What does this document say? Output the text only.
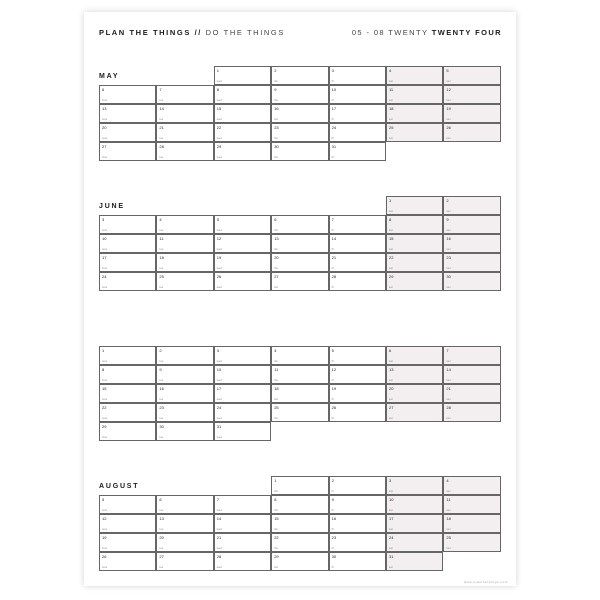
PLAN THE THINGS // DO THE THINGS	05 - 08 TWENTY TWENTY FOUR
MAY
1
wed
2
thu
3
fri
4
sat
5
sun
6
mon
7
tue
8
wed
9
thu
10
fri
11
sat
12
sun
13
mon
14
tue
15
wed
16
thu
17
fri
18
sat
19
sun
20
mon
21
tue
22
wed
23
thu
24
fri
25
sat
26
sun
27
mon
28
tue
29
wed
30
thu
31
fri
JUNE
1
sat
2
sun
3
mon
4
tue
5
wed
6
thu
7
fri
8
sat
9
sun
10
mon
11
tue
12
wed
13
thu
14
fri
15
sat
16
sun
17
mon
18
tue
19
wed
20
thu
21
fri
22
sat
23
sun
24
mon
25
tue
26
wed
27
thu
28
fri
29
sat
30
sun
1
mon
2
tue
3
wed
4
thu
5
fri
6
sat
7
sun
8
mon
9
tue
10
wed
11
thu
12
fri
13
sat
14
sun
15
mon
16
tue
17
wed
18
thu
19
fri
20
sat
21
sun
22
mon
23
tue
24
wed
25
thu
26
fri
27
sat
28
sun
29
mon
30
tue
31
wed
AUGUST
1
thu
2
fri
3
sat
4
sun
5
mon
6
tue
7
wed
8
thu
9
fri
10
sat
11
sun
12
mon
13
tue
14
wed
15
thu
16
fri
17
sat
18
sun
19
mon
20
tue
21
wed
22
thu
23
fri
24
sat
25
sun
26
mon
27
tue
28
wed
29
thu
30
fri
31
sat
www.planthethings.com
